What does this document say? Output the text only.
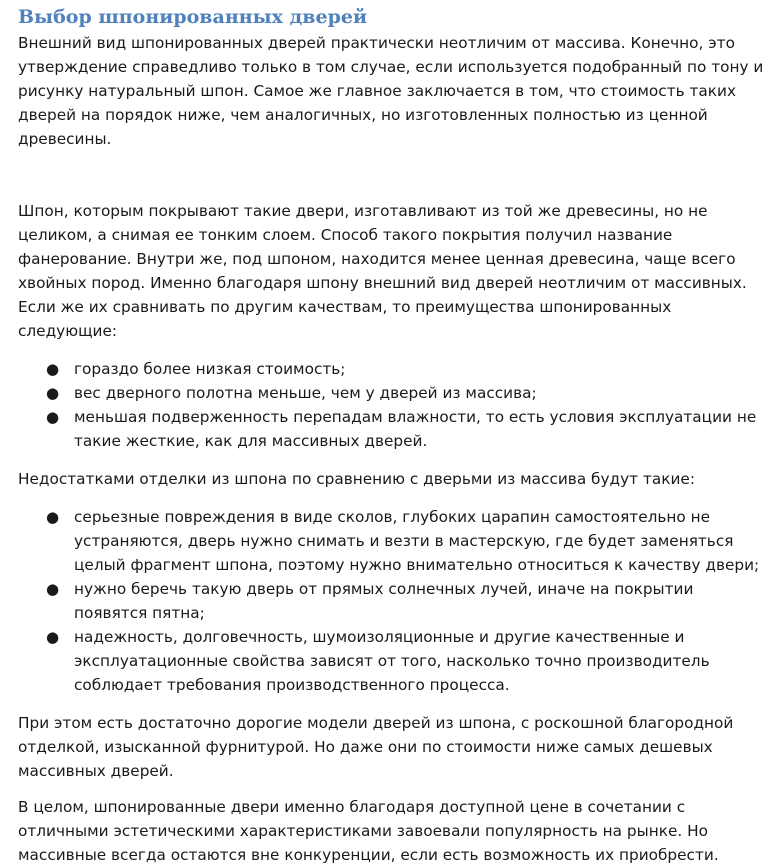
Выбор шпонированных дверей

Внешний вид шпонированных дверей практически неотличим от массива. Конечно, это утверждение справедливо только в том случае, если используется подобранный по тону и рисунку натуральный шпон. Самое же главное заключается в том, что стоимость таких дверей на порядок ниже, чем аналогичных, но изготовленных полностью из ценной древесины.

Шпон, которым покрывают такие двери, изготавливают из той же древесины, но не целиком, а снимая ее тонким слоем. Способ такого покрытия получил название фанерование. Внутри же, под шпоном, находится менее ценная древесина, чаще всего хвойных пород. Именно благодаря шпону внешний вид дверей неотличим от массивных. Если же их сравнивать по другим качествам, то преимущества шпонированных следующие:

● гораздо более низкая стоимость;
● вес дверного полотна меньше, чем у дверей из массива;
● меньшая подверженность перепадам влажности, то есть условия эксплуатации не такие жесткие, как для массивных дверей.

Недостатками отделки из шпона по сравнению с дверьми из массива будут такие:

● серьезные повреждения в виде сколов, глубоких царапин самостоятельно не устраняются, дверь нужно снимать и везти в мастерскую, где будет заменяться целый фрагмент шпона, поэтому нужно внимательно относиться к качеству двери;
● нужно беречь такую дверь от прямых солнечных лучей, иначе на покрытии появятся пятна;
● надежность, долговечность, шумоизоляционные и другие качественные и эксплуатационные свойства зависят от того, насколько точно производитель соблюдает требования производственного процесса.

При этом есть достаточно дорогие модели дверей из шпона, с роскошной благородной отделкой, изысканной фурнитурой. Но даже они по стоимости ниже самых дешевых массивных дверей.

В целом, шпонированные двери именно благодаря доступной цене в сочетании с отличными эстетическими характеристиками завоевали популярность на рынке. Но массивные всегда остаются вне конкуренции, если есть возможность их приобрести.
